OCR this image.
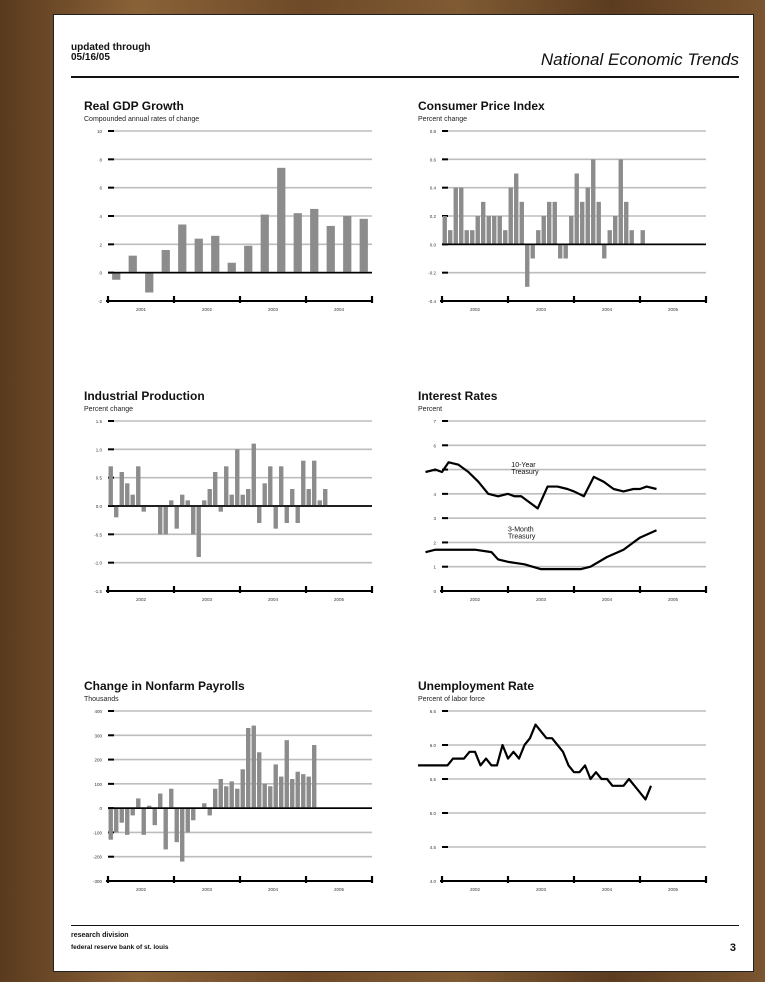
updated through
05/16/05	National Economic Trends
Real GDP Growth
Compounded annual rates of change
-2
0
2
4
6
8
10
2001	2002	2003	2004
Consumer Price Index
Percent change
-0.4
-0.2
0.0
0.2
0.4
0.6
0.8
2002	2003	2004	2005
Industrial Production
Percent change
-1.5
-1.0
-0.5
0.0
0.5
1.0
1.5
2002	2003	2004	2005
Interest Rates
Percent
0
1
2
3
4
5
6
7
2002	2003	2004	2005
10-Year Treasury
3-Month Treasury
Change in Nonfarm Payrolls
Thousands
-300
-200
-100
0
100
200
300
400
2002	2003	2004	2005
Unemployment Rate
Percent of labor force
4.0
4.5
5.0
5.5
6.0
6.5
2002	2003	2004	2005
research division
federal reserve bank of st. louis	3
